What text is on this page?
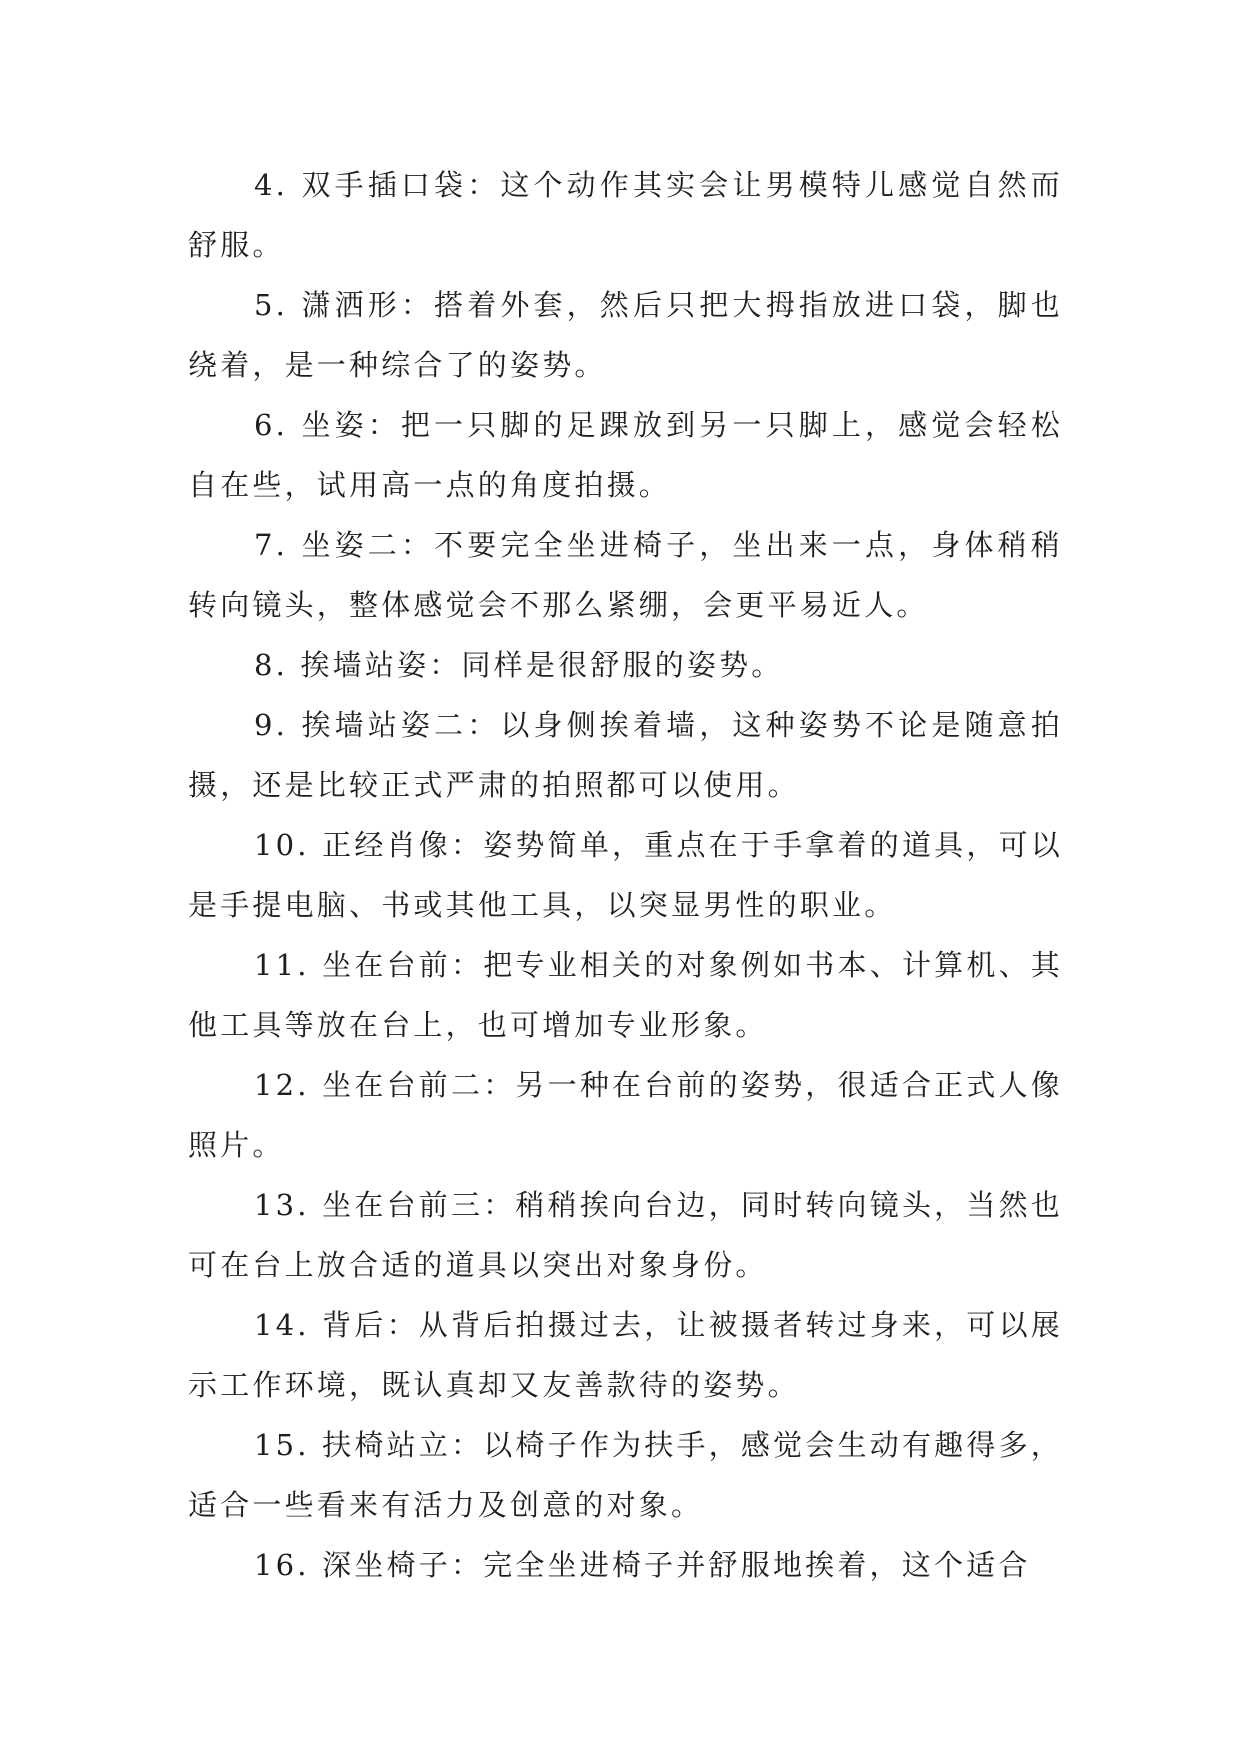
4. 双手插口袋：这个动作其实会让男模特儿感觉自然而舒服。

5. 潇洒形：搭着外套，然后只把大拇指放进口袋，脚也绕着，是一种综合了的姿势。

6. 坐姿：把一只脚的足踝放到另一只脚上，感觉会轻松自在些，试用高一点的角度拍摄。

7. 坐姿二：不要完全坐进椅子，坐出来一点，身体稍稍转向镜头，整体感觉会不那么紧绷，会更平易近人。

8. 挨墙站姿：同样是很舒服的姿势。

9. 挨墙站姿二：以身侧挨着墙，这种姿势不论是随意拍摄，还是比较正式严肃的拍照都可以使用。

10. 正经肖像：姿势简单，重点在于手拿着的道具，可以是手提电脑、书或其他工具，以突显男性的职业。

11. 坐在台前：把专业相关的对象例如书本、计算机、其他工具等放在台上，也可增加专业形象。

12. 坐在台前二：另一种在台前的姿势，很适合正式人像照片。

13. 坐在台前三：稍稍挨向台边，同时转向镜头，当然也可在台上放合适的道具以突出对象身份。

14. 背后：从背后拍摄过去，让被摄者转过身来，可以展示工作环境，既认真却又友善款待的姿势。

15. 扶椅站立：以椅子作为扶手，感觉会生动有趣得多，适合一些看来有活力及创意的对象。

16. 深坐椅子：完全坐进椅子并舒服地挨着，这个适合
